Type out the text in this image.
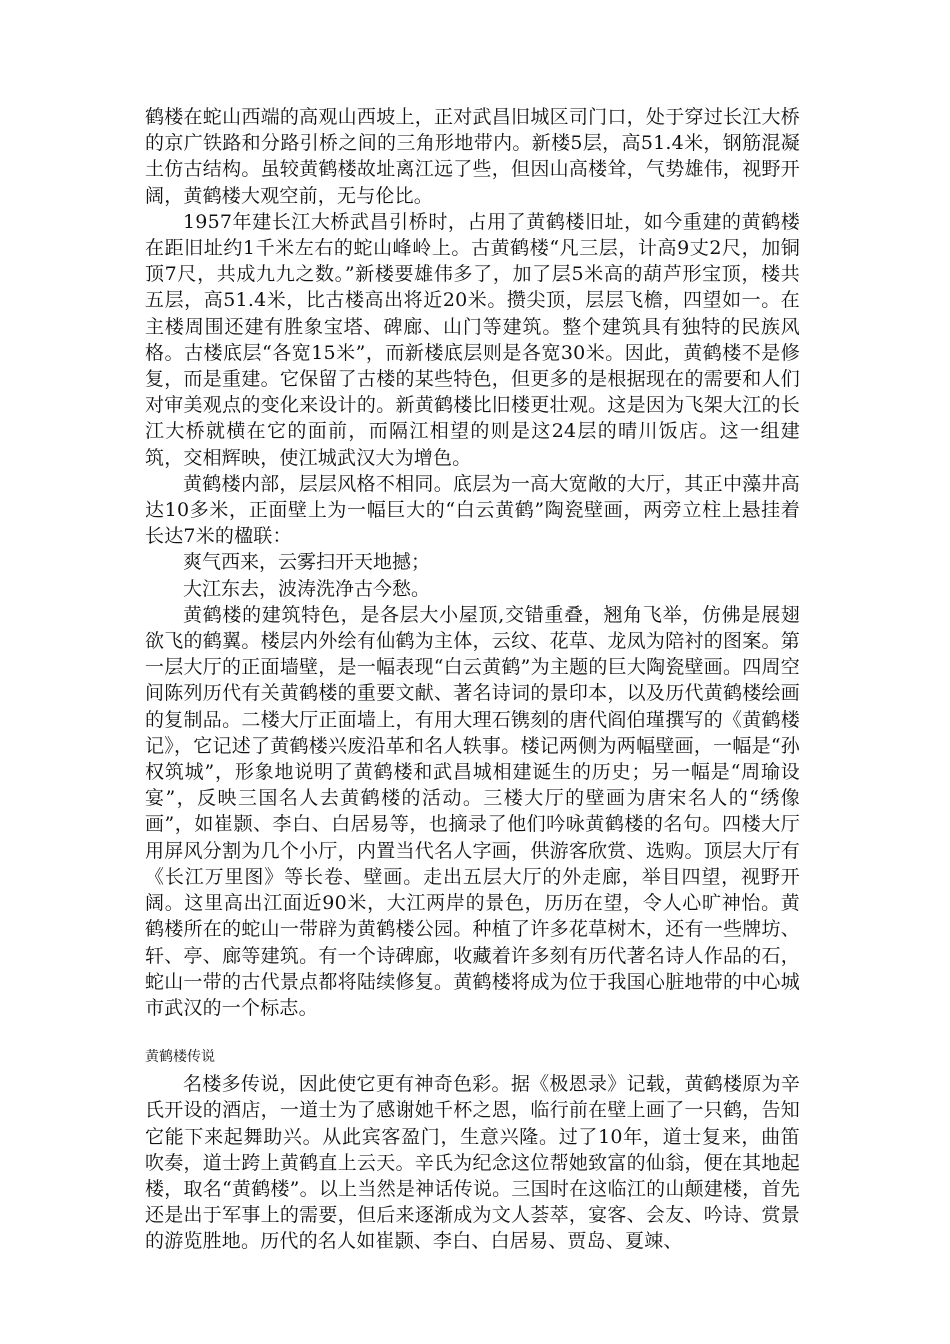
鹤楼在蛇山西端的高观山西坡上，正对武昌旧城区司门口，处于穿过长江大桥的京广铁路和分路引桥之间的三角形地带内。新楼5层，高51.4米，钢筋混凝土仿古结构。虽较黄鹤楼故址离江远了些，但因山高楼耸，气势雄伟，视野开阔，黄鹤楼大观空前，无与伦比。

1957年建长江大桥武昌引桥时，占用了黄鹤楼旧址，如今重建的黄鹤楼在距旧址约1千米左右的蛇山峰岭上。古黄鹤楼“凡三层，计高9丈2尺，加铜顶7尺，共成九九之数。”新楼要雄伟多了，加了层5米高的葫芦形宝顶，楼共五层，高51.4米，比古楼高出将近20米。攒尖顶，层层飞檐，四望如一。在主楼周围还建有胜象宝塔、碑廊、山门等建筑。整个建筑具有独特的民族风格。古楼底层“各宽15米”，而新楼底层则是各宽30米。因此，黄鹤楼不是修复，而是重建。它保留了古楼的某些特色，但更多的是根据现在的需要和人们对审美观点的变化来设计的。新黄鹤楼比旧楼更壮观。这是因为飞架大江的长江大桥就横在它的面前，而隔江相望的则是这24层的晴川饭店。这一组建筑，交相辉映，使江城武汉大为增色。

黄鹤楼内部，层层风格不相同。底层为一高大宽敞的大厅，其正中藻井高达10多米，正面壁上为一幅巨大的“白云黄鹤”陶瓷壁画，两旁立柱上悬挂着长达7米的楹联：

爽气西来，云雾扫开天地撼；

大江东去，波涛洗净古今愁。

黄鹤楼的建筑特色，是各层大小屋顶,交错重叠，翘角飞举，仿佛是展翅欲飞的鹤翼。楼层内外绘有仙鹤为主体，云纹、花草、龙凤为陪衬的图案。第一层大厅的正面墙壁，是一幅表现“白云黄鹤”为主题的巨大陶瓷壁画。四周空间陈列历代有关黄鹤楼的重要文献、著名诗词的景印本，以及历代黄鹤楼绘画的复制品。二楼大厅正面墙上，有用大理石镌刻的唐代阎伯瑾撰写的《黄鹤楼记》，它记述了黄鹤楼兴废沿革和名人轶事。楼记两侧为两幅壁画，一幅是“孙权筑城”，形象地说明了黄鹤楼和武昌城相建诞生的历史；另一幅是“周瑜设宴”，反映三国名人去黄鹤楼的活动。三楼大厅的壁画为唐宋名人的“绣像画”，如崔颢、李白、白居易等，也摘录了他们吟咏黄鹤楼的名句。四楼大厅用屏风分割为几个小厅，内置当代名人字画，供游客欣赏、选购。顶层大厅有《长江万里图》等长卷、壁画。走出五层大厅的外走廊，举目四望，视野开阔。这里高出江面近90米，大江两岸的景色，历历在望，令人心旷神怡。黄鹤楼所在的蛇山一带辟为黄鹤楼公园。种植了许多花草树木，还有一些牌坊、轩、亭、廊等建筑。有一个诗碑廊，收藏着许多刻有历代著名诗人作品的石，蛇山一带的古代景点都将陆续修复。黄鹤楼将成为位于我国心脏地带的中心城市武汉的一个标志。

黄鹤楼传说

名楼多传说，因此使它更有神奇色彩。据《极恩录》记载，黄鹤楼原为辛氏开设的酒店，一道士为了感谢她千杯之恩，临行前在壁上画了一只鹤，告知它能下来起舞助兴。从此宾客盈门，生意兴隆。过了10年，道士复来，曲笛吹奏，道士跨上黄鹤直上云天。辛氏为纪念这位帮她致富的仙翁，便在其地起楼，取名“黄鹤楼”。以上当然是神话传说。三国时在这临江的山颠建楼，首先还是出于军事上的需要，但后来逐渐成为文人荟萃，宴客、会友、吟诗、赏景的游览胜地。历代的名人如崔颢、李白、白居易、贾岛、夏竦、
